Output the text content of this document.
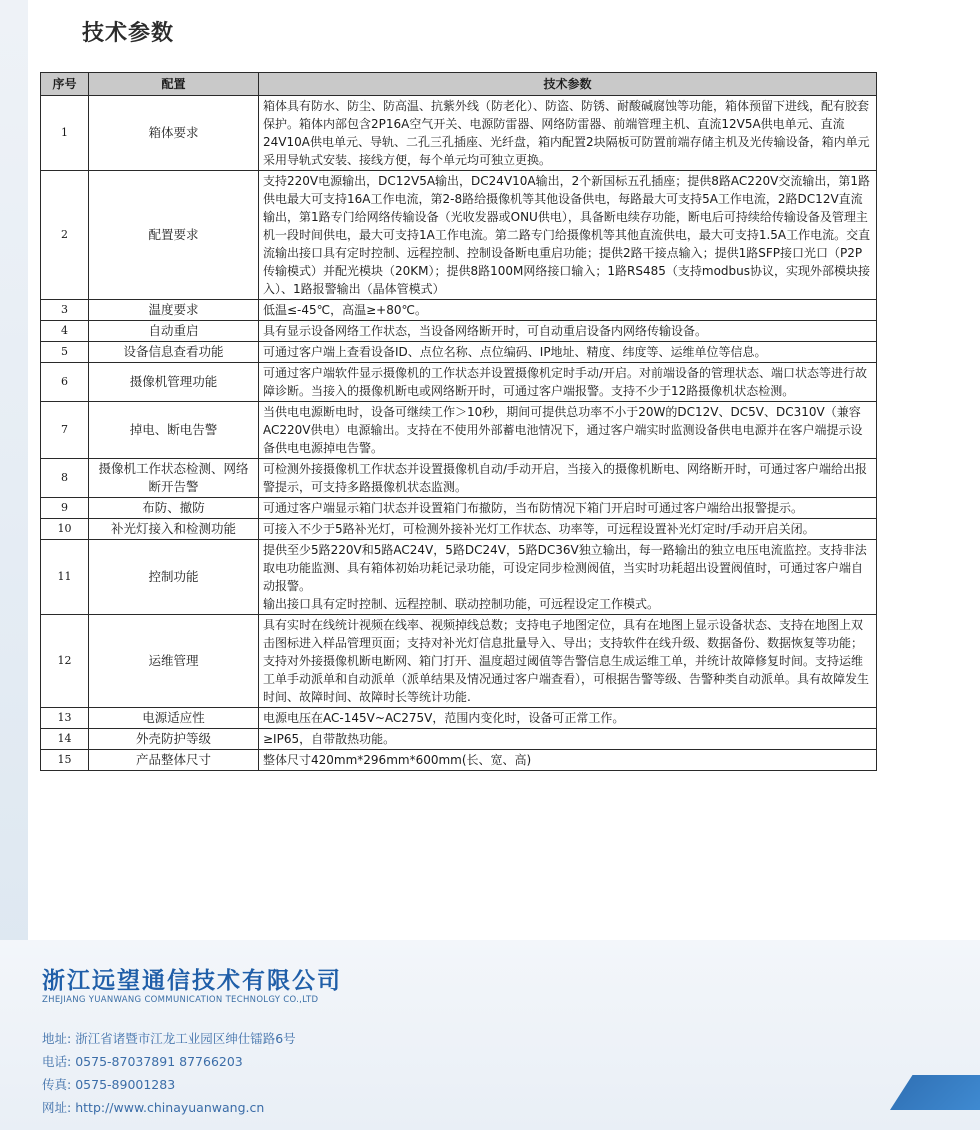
技术参数
序号	配置	技术参数
1	箱体要求	箱体具有防水、防尘、防高温、抗紫外线（防老化）、防盗、防锈、耐酸碱腐蚀等功能，箱体预留下进线，配有胶套保护。箱体内部包含2P16A空气开关、电源防雷器、网络防雷器、前端管理主机、直流12V5A供电单元、直流24V10A供电单元、导轨、二孔三孔插座、光纤盘，箱内配置2块隔板可防置前端存储主机及光传输设备，箱内单元采用导轨式安装、接线方便，每个单元均可独立更换。

2	配置要求	支持220V电源输出，DC12V5A输出，DC24V10A输出，2个新国标五孔插座；提供8路AC220V交流输出，第1路供电最大可支持16A工作电流，第2-8路给摄像机等其他设备供电，每路最大可支持5A工作电流，2路DC12V直流输出，第1路专门给网络传输设备（光收发器或ONU供电），具备断电续存功能，断电后可持续给传输设备及管理主机一段时间供电，最大可支持1A工作电流。第二路专门给摄像机等其他直流供电，最大可支持1.5A工作电流。交直流输出接口具有定时控制、远程控制、控制设备断电重启功能；提供2路干接点输入；提供1路SFP接口光口（P2P传输模式）并配光模块（20KM）；提供8路100M网络接口输入；1路RS485（支持modbus协议，实现外部模块接入）、1路报警输出（晶体管模式）

3	温度要求	低温≤-45℃，高温≥+80℃。

4	自动重启	具有显示设备网络工作状态，当设备网络断开时，可自动重启设备内网络传输设备。

5	设备信息查看功能	可通过客户端上查看设备ID、点位名称、点位编码、IP地址、精度、纬度等、运维单位等信息。

6	摄像机管理功能	可通过客户端软件显示摄像机的工作状态并设置摄像机定时手动/开启。对前端设备的管理状态、端口状态等进行故障诊断。当接入的摄像机断电或网络断开时，可通过客户端报警。支持不少于12路摄像机状态检测。

7	掉电、断电告警	当供电电源断电时，设备可继续工作＞10秒，期间可提供总功率不小于20W的DC12V、DC5V、DC310V（兼容AC220V供电）电源输出。支持在不使用外部蓄电池情况下，通过客户端实时监测设备供电电源并在客户端提示设备供电电源掉电告警。

8	摄像机工作状态检测、网络断开告警	可检测外接摄像机工作状态并设置摄像机自动/手动开启，当接入的摄像机断电、网络断开时，可通过客户端给出报警提示，可支持多路摄像机状态监测。

9	布防、撤防	可通过客户端显示箱门状态并设置箱门布撤防，当布防情况下箱门开启时可通过客户端给出报警提示。

10	补光灯接入和检测功能	可接入不少于5路补光灯，可检测外接补光灯工作状态、功率等，可远程设置补光灯定时/手动开启关闭。

11	控制功能	提供至少5路220V和5路AC24V，5路DC24V，5路DC36V独立输出，每一路输出的独立电压电流监控。支持非法取电功能监测、具有箱体初始功耗记录功能，可设定同步检测阀值，当实时功耗超出设置阀值时，可通过客户端自动报警。
输出接口具有定时控制、远程控制、联动控制功能，可远程设定工作模式。

12	运维管理	具有实时在线统计视频在线率、视频掉线总数；支持电子地图定位，具有在地图上显示设备状态、支持在地图上双击图标进入样品管理页面；支持对补光灯信息批量导入、导出；支持软件在线升级、数据备份、数据恢复等功能；支持对外接摄像机断电断网、箱门打开、温度超过阈值等告警信息生成运维工单，并统计故障修复时间。支持运维工单手动派单和自动派单（派单结果及情况通过客户端查看），可根据告警等级、告警种类自动派单。具有故障发生时间、故障时间、故障时长等统计功能.

13	电源适应性	电源电压在AC-145V~AC275V，范围内变化时，设备可正常工作。

14	外壳防护等级	≥IP65，自带散热功能。

15	产品整体尺寸	整体尺寸420mm*296mm*600mm(长、宽、高)
浙江远望通信技术有限公司
ZHEJIANG YUANWANG COMMUNICATION TECHNOLGY CO.,LTD
地址: 浙江省诸暨市江龙工业园区绅仕镭路6号
电话: 0575-87037891 87766203
传真: 0575-89001283
网址: http://www.chinayuanwang.cn
